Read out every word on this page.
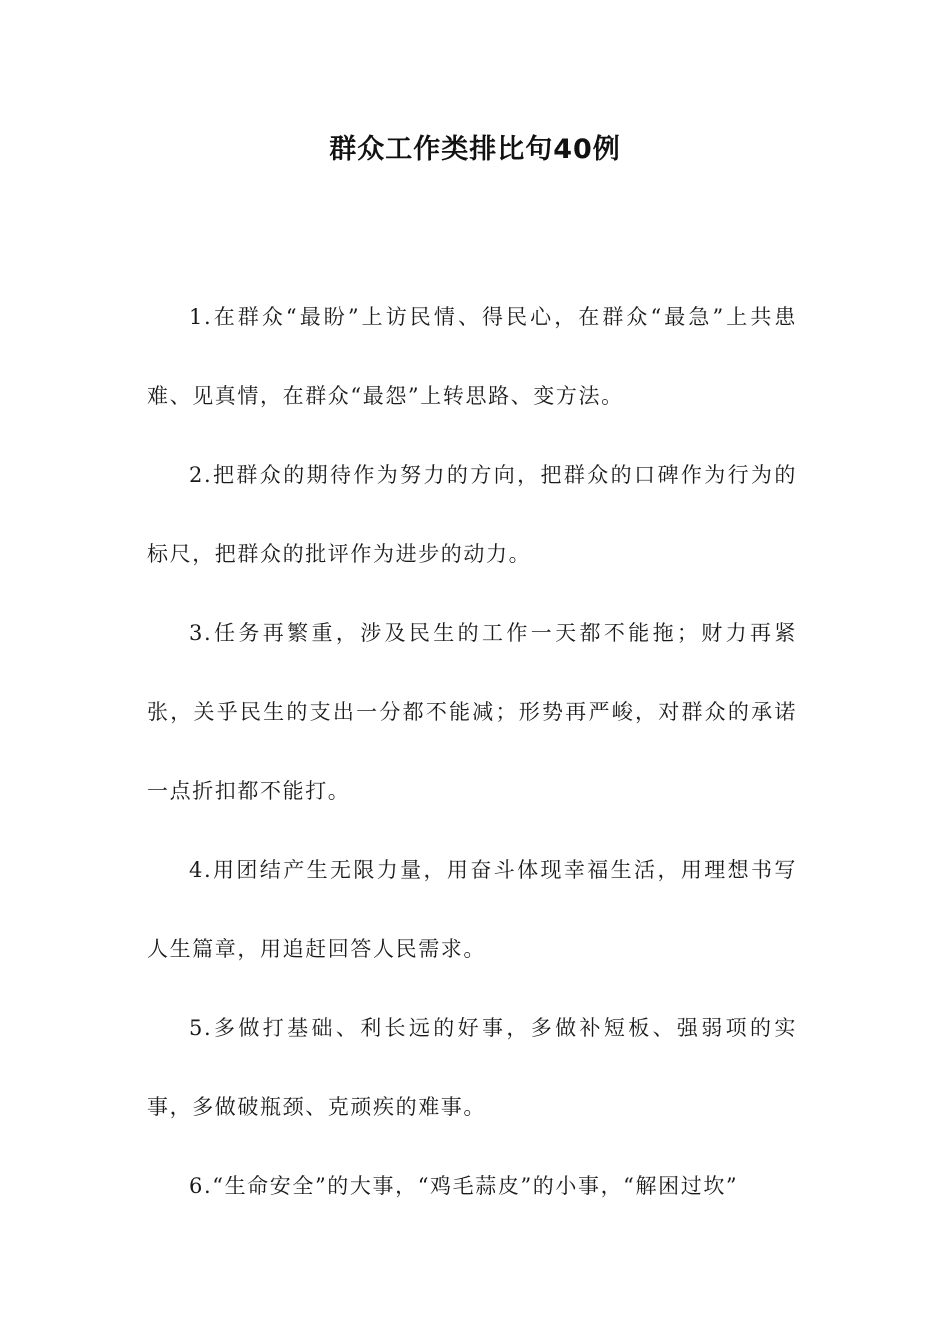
群众工作类排比句40例

1.在群众“最盼”上访民情、得民心，在群众“最急”上共患难、见真情，在群众“最怨”上转思路、变方法。

2.把群众的期待作为努力的方向，把群众的口碑作为行为的标尺，把群众的批评作为进步的动力。

3.任务再繁重，涉及民生的工作一天都不能拖；财力再紧张，关乎民生的支出一分都不能减；形势再严峻，对群众的承诺一点折扣都不能打。

4.用团结产生无限力量，用奋斗体现幸福生活，用理想书写人生篇章，用追赶回答人民需求。

5.多做打基础、利长远的好事，多做补短板、强弱项的实事，多做破瓶颈、克顽疾的难事。

6.“生命安全”的大事，“鸡毛蒜皮”的小事，“解困过坎”
